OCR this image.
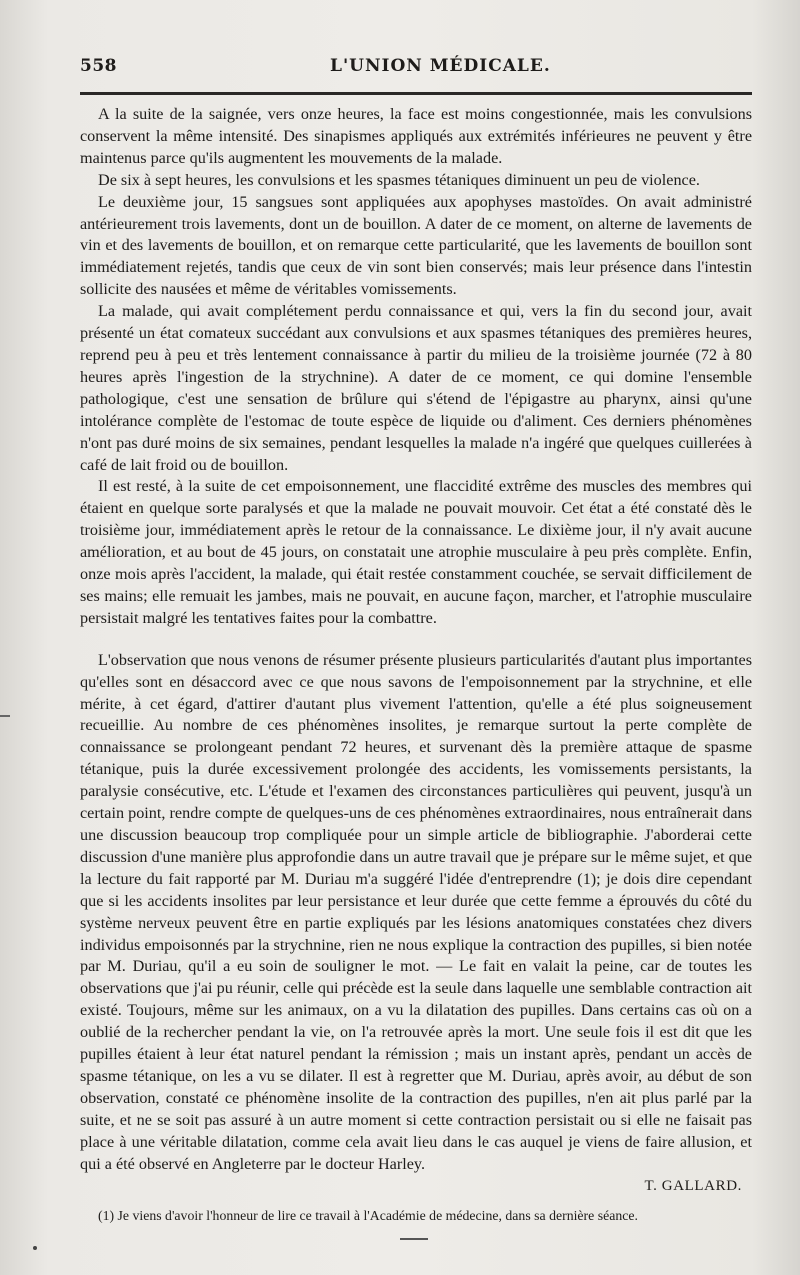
558	L'UNION MÉDICALE.

A la suite de la saignée, vers onze heures, la face est moins congestionnée, mais les convulsions conservent la même intensité. Des sinapismes appliqués aux extrémités inférieures ne peuvent y être maintenus parce qu'ils augmentent les mouvements de la malade.

De six à sept heures, les convulsions et les spasmes tétaniques diminuent un peu de violence.

Le deuxième jour, 15 sangsues sont appliquées aux apophyses mastoïdes. On avait administré antérieurement trois lavements, dont un de bouillon. A dater de ce moment, on alterne de lavements de vin et des lavements de bouillon, et on remarque cette particularité, que les lavements de bouillon sont immédiatement rejetés, tandis que ceux de vin sont bien conservés; mais leur présence dans l'intestin sollicite des nausées et même de véritables vomissements.

La malade, qui avait complétement perdu connaissance et qui, vers la fin du second jour, avait présenté un état comateux succédant aux convulsions et aux spasmes tétaniques des premières heures, reprend peu à peu et très lentement connaissance à partir du milieu de la troisième journée (72 à 80 heures après l'ingestion de la strychnine). A dater de ce moment, ce qui domine l'ensemble pathologique, c'est une sensation de brûlure qui s'étend de l'épigastre au pharynx, ainsi qu'une intolérance complète de l'estomac de toute espèce de liquide ou d'aliment. Ces derniers phénomènes n'ont pas duré moins de six semaines, pendant lesquelles la malade n'a ingéré que quelques cuillerées à café de lait froid ou de bouillon.

Il est resté, à la suite de cet empoisonnement, une flaccidité extrême des muscles des membres qui étaient en quelque sorte paralysés et que la malade ne pouvait mouvoir. Cet état a été constaté dès le troisième jour, immédiatement après le retour de la connaissance. Le dixième jour, il n'y avait aucune amélioration, et au bout de 45 jours, on constatait une atrophie musculaire à peu près complète. Enfin, onze mois après l'accident, la malade, qui était restée constamment couchée, se servait difficilement de ses mains; elle remuait les jambes, mais ne pouvait, en aucune façon, marcher, et l'atrophie musculaire persistait malgré les tentatives faites pour la combattre.

L'observation que nous venons de résumer présente plusieurs particularités d'autant plus importantes qu'elles sont en désaccord avec ce que nous savons de l'empoisonnement par la strychnine, et elle mérite, à cet égard, d'attirer d'autant plus vivement l'attention, qu'elle a été plus soigneusement recueillie. Au nombre de ces phénomènes insolites, je remarque surtout la perte complète de connaissance se prolongeant pendant 72 heures, et survenant dès la première attaque de spasme tétanique, puis la durée excessivement prolongée des accidents, les vomissements persistants, la paralysie consécutive, etc. L'étude et l'examen des circonstances particulières qui peuvent, jusqu'à un certain point, rendre compte de quelques-uns de ces phénomènes extraordinaires, nous entraînerait dans une discussion beaucoup trop compliquée pour un simple article de bibliographie. J'aborderai cette discussion d'une manière plus approfondie dans un autre travail que je prépare sur le même sujet, et que la lecture du fait rapporté par M. Duriau m'a suggéré l'idée d'entreprendre (1); je dois dire cependant que si les accidents insolites par leur persistance et leur durée que cette femme a éprouvés du côté du système nerveux peuvent être en partie expliqués par les lésions anatomiques constatées chez divers individus empoisonnés par la strychnine, rien ne nous explique la contraction des pupilles, si bien notée par M. Duriau, qu'il a eu soin de souligner le mot. — Le fait en valait la peine, car de toutes les observations que j'ai pu réunir, celle qui précède est la seule dans laquelle une semblable contraction ait existé. Toujours, même sur les animaux, on a vu la dilatation des pupilles. Dans certains cas où on a oublié de la rechercher pendant la vie, on l'a retrouvée après la mort. Une seule fois il est dit que les pupilles étaient à leur état naturel pendant la rémission ; mais un instant après, pendant un accès de spasme tétanique, on les a vu se dilater. Il est à regretter que M. Duriau, après avoir, au début de son observation, constaté ce phénomène insolite de la contraction des pupilles, n'en ait plus parlé par la suite, et ne se soit pas assuré à un autre moment si cette contraction persistait ou si elle ne faisait pas place à une véritable dilatation, comme cela avait lieu dans le cas auquel je viens de faire allusion, et qui a été observé en Angleterre par le docteur Harley.

T. GALLARD.

(1) Je viens d'avoir l'honneur de lire ce travail à l'Académie de médecine, dans sa dernière séance.
